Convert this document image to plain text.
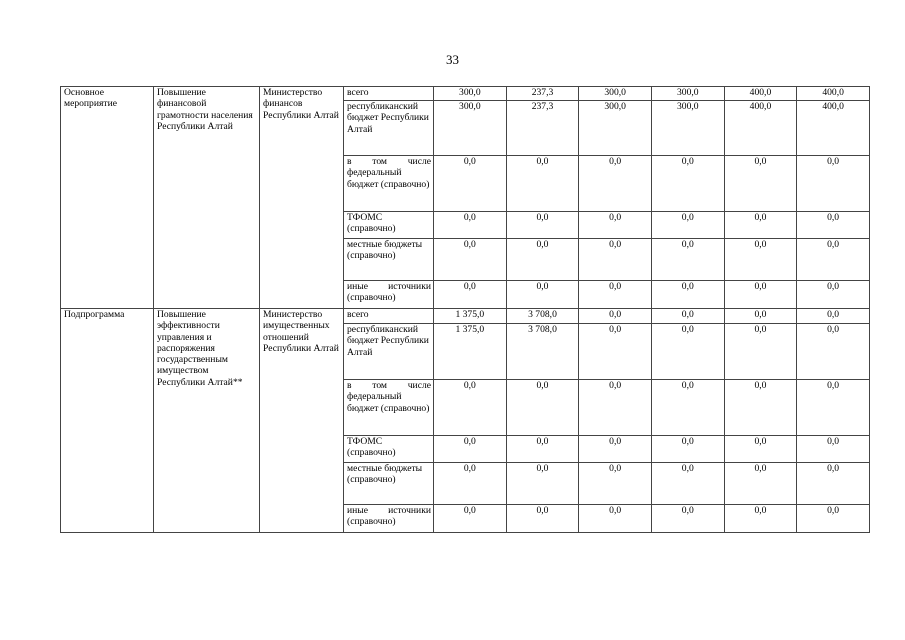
33
Основное мероприятие	Повышение финансовой грамотности населения Республики Алтай	Министерство финансов Республики Алтай	всего	300,0	237,3	300,0	300,0	400,0	400,0
			республиканский бюджет Республики Алтай	300,0	237,3	300,0	300,0	400,0	400,0
			в том числе федеральный бюджет (справочно)	0,0	0,0	0,0	0,0	0,0	0,0
			ТФОМС (справочно)	0,0	0,0	0,0	0,0	0,0	0,0
			местные бюджеты (справочно)	0,0	0,0	0,0	0,0	0,0	0,0
			иные источники (справочно)	0,0	0,0	0,0	0,0	0,0	0,0
Подпрограмма	Повышение эффективности управления и распоряжения государственным имуществом Республики Алтай**	Министерство имущественных отношений Республики Алтай	всего	1 375,0	3 708,0	0,0	0,0	0,0	0,0
			республиканский бюджет Республики Алтай	1 375,0	3 708,0	0,0	0,0	0,0	0,0
			в том числе федеральный бюджет (справочно)	0,0	0,0	0,0	0,0	0,0	0,0
			ТФОМС (справочно)	0,0	0,0	0,0	0,0	0,0	0,0
			местные бюджеты (справочно)	0,0	0,0	0,0	0,0	0,0	0,0
			иные источники (справочно)	0,0	0,0	0,0	0,0	0,0	0,0
